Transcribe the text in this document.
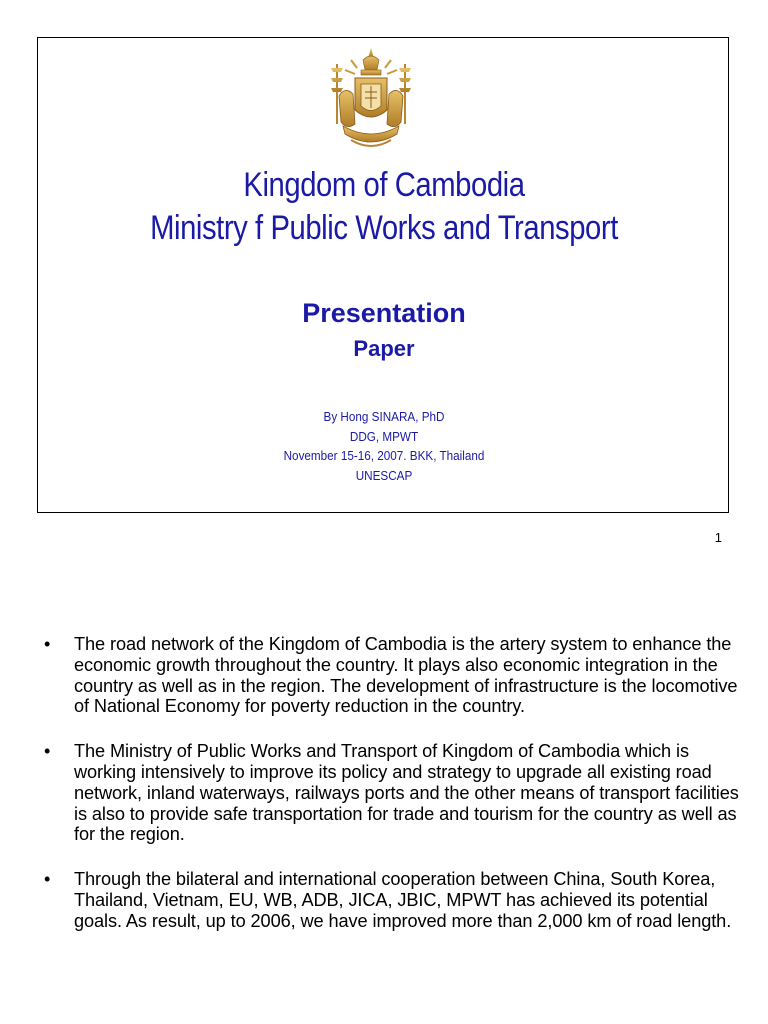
Kingdom of Cambodia
Ministry f Public Works and Transport
Presentation
Paper
By Hong SINARA, PhD
DDG, MPWT
November 15-16, 2007. BKK, Thailand
UNESCAP
1
• The road network of the Kingdom of Cambodia is the artery system to enhance the economic growth throughout the country. It plays also economic integration in the country as well as in the region. The development of infrastructure is the locomotive of National Economy for poverty reduction in the country.
• The Ministry of Public Works and Transport of Kingdom of Cambodia which is working intensively to improve its policy and strategy to upgrade all existing road network, inland waterways, railways ports and the other means of transport facilities is also to provide safe transportation for trade and tourism for the country as well as for the region.
• Through the bilateral and international cooperation between China, South Korea, Thailand, Vietnam, EU, WB, ADB, JICA, JBIC, MPWT has achieved its potential goals. As result, up to 2006, we have improved more than 2,000 km of road length.
